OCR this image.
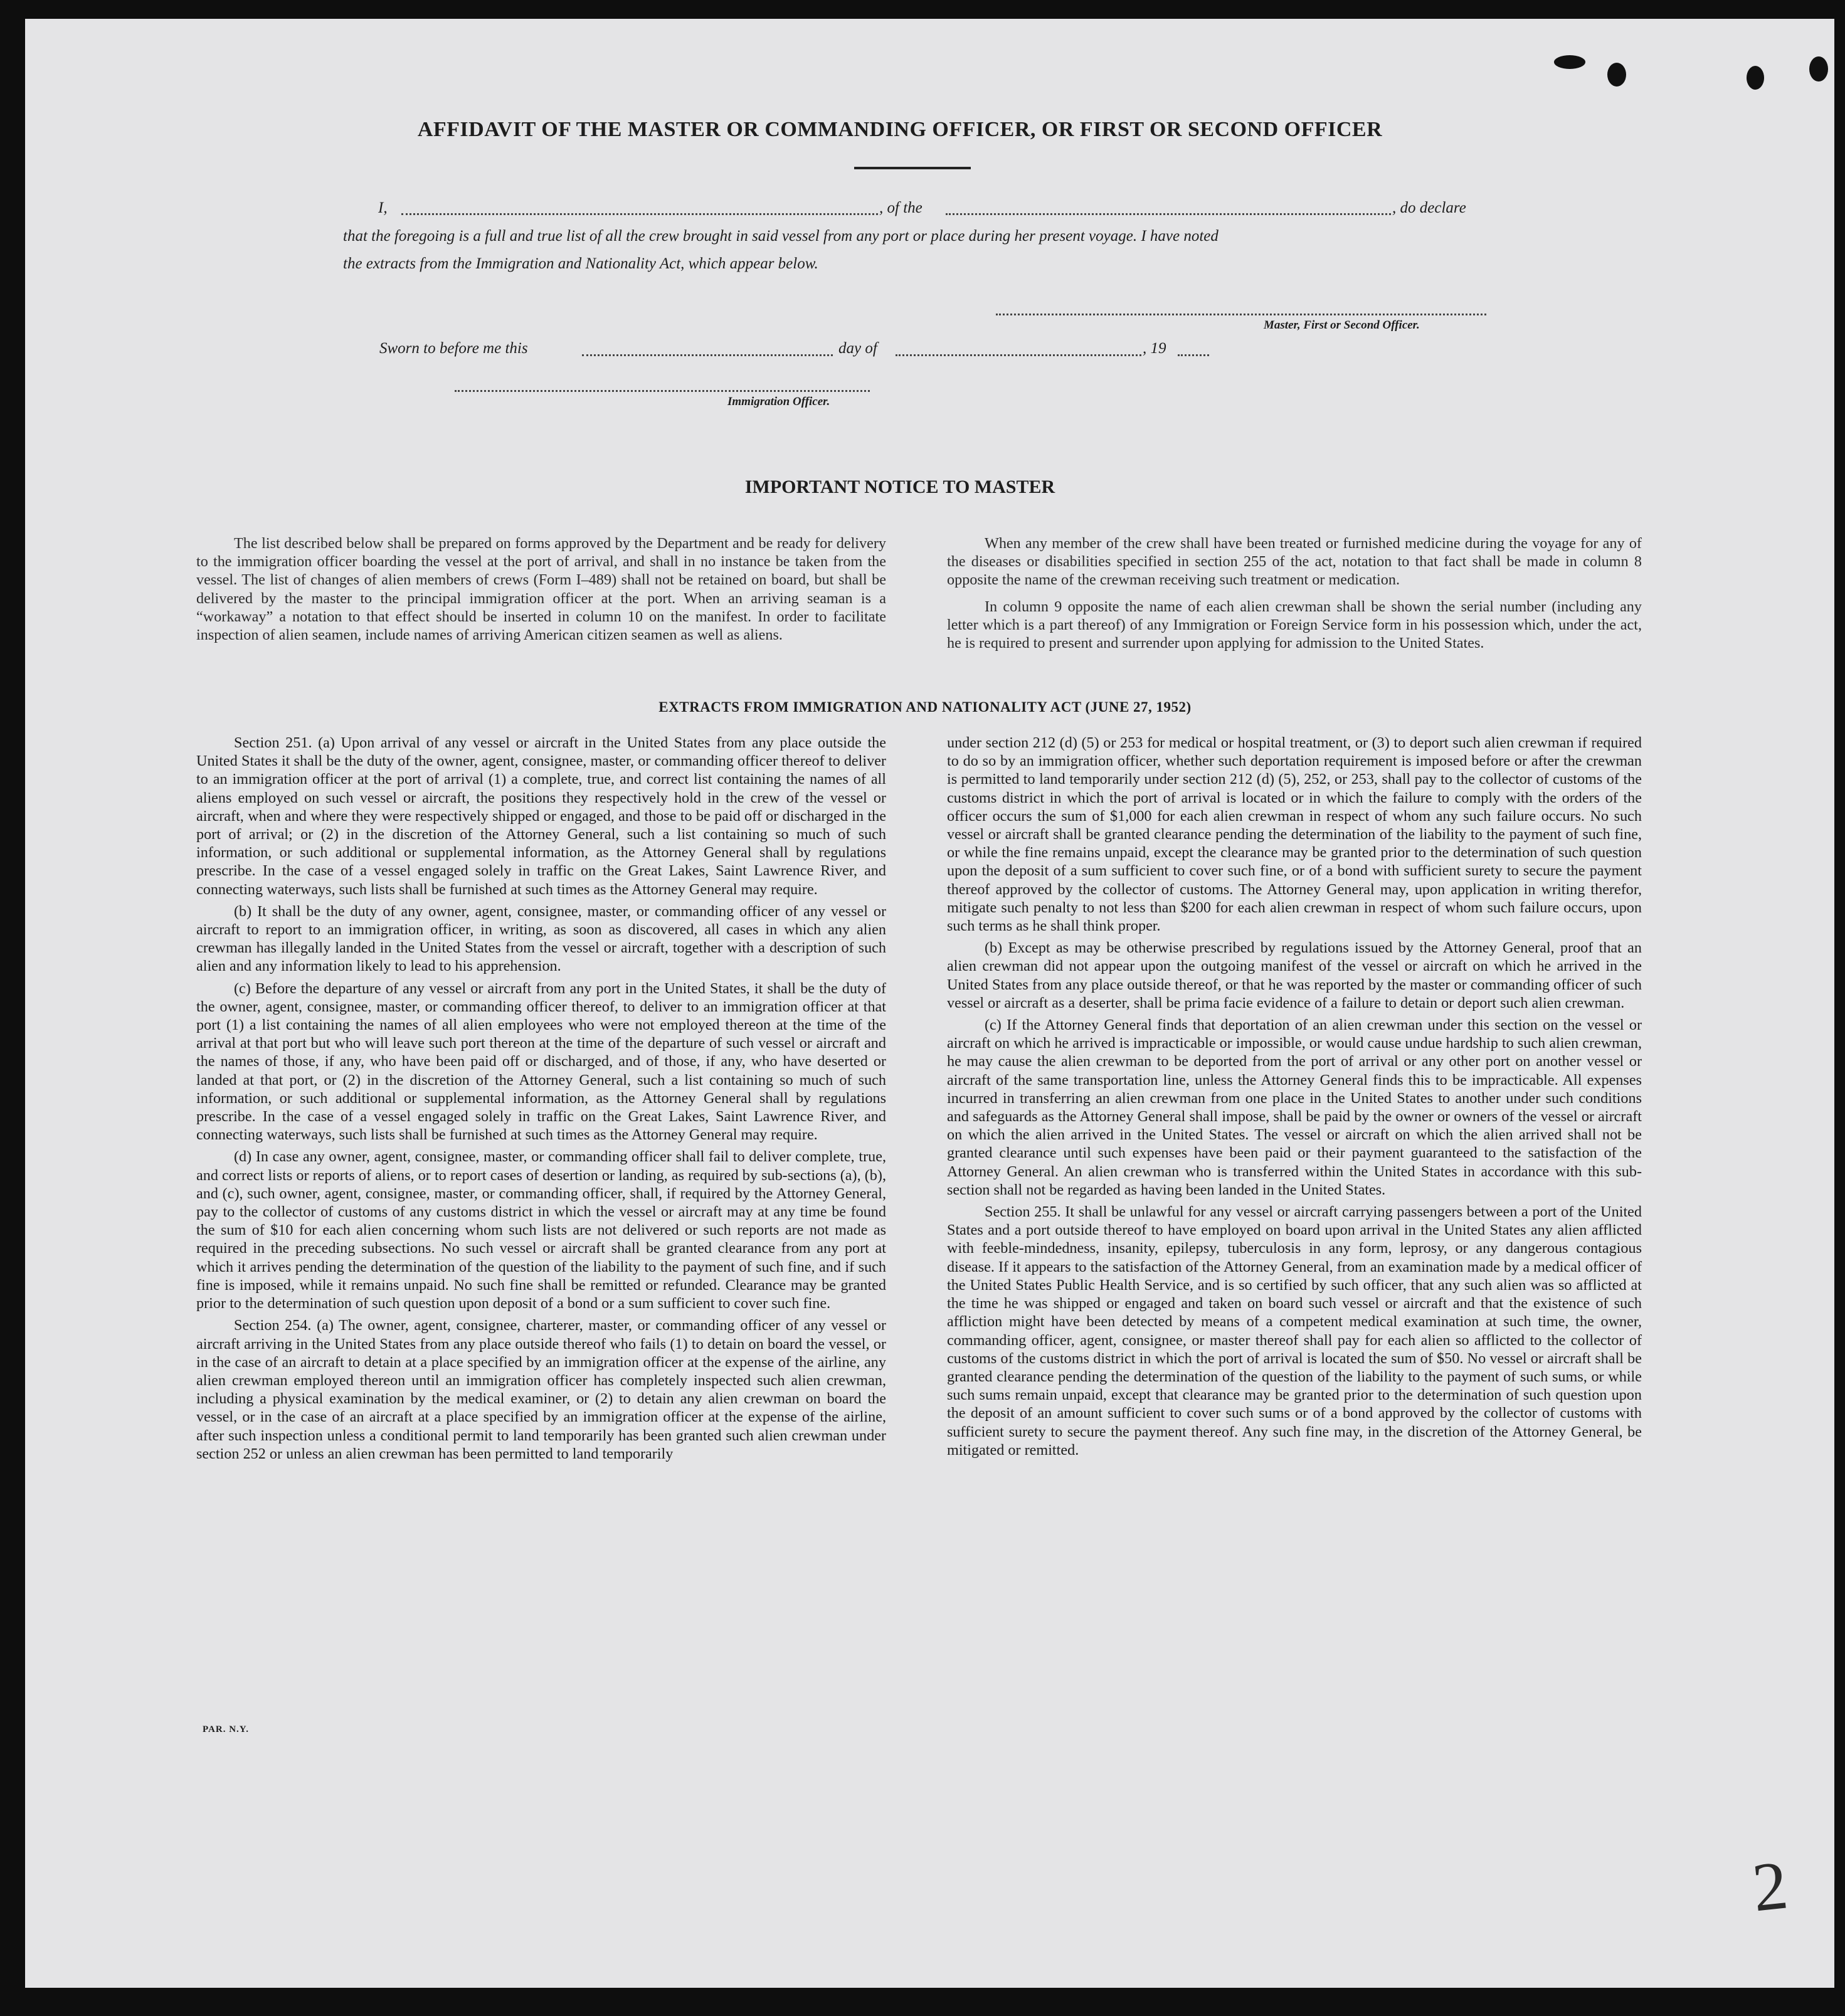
2
AFFIDAVIT OF THE MASTER OR COMMANDING OFFICER, OR FIRST OR SECOND OFFICER
I,	, of the	, do declare
that the foregoing is a full and true list of all the crew brought in said vessel from any port or place during her present voyage. I have noted
the extracts from the Immigration and Nationality Act, which appear below.
Master, First or Second Officer.
Sworn to before me this	day of	, 19
Immigration Officer.
IMPORTANT NOTICE TO MASTER

The list described below shall be prepared on forms approved by the Department and be ready for delivery to the immigration officer boarding the vessel at the port of arrival, and shall in no instance be taken from the vessel. The list of changes of alien members of crews (Form I–489) shall not be retained on board, but shall be delivered by the master to the principal immigration officer at the port. When an arriving seaman is a “workaway” a notation to that effect should be inserted in column 10 on the manifest. In order to facilitate inspection of alien seamen, include names of arriving American citizen seamen as well as aliens.

When any member of the crew shall have been treated or furnished medicine during the voyage for any of the diseases or disabilities specified in section 255 of the act, notation to that fact shall be made in column 8 opposite the name of the crewman receiving such treatment or medication.

In column 9 opposite the name of each alien crewman shall be shown the serial number (including any letter which is a part thereof) of any Immigration or Foreign Service form in his possession which, under the act, he is required to present and surrender upon applying for admission to the United States.

EXTRACTS FROM IMMIGRATION AND NATIONALITY ACT (JUNE 27, 1952)

Section 251. (a) Upon arrival of any vessel or aircraft in the United States from any place outside the United States it shall be the duty of the owner, agent, consignee, master, or commanding officer thereof to deliver to an immigration officer at the port of arrival (1) a complete, true, and correct list containing the names of all aliens employed on such vessel or aircraft, the positions they respectively hold in the crew of the vessel or aircraft, when and where they were respectively shipped or engaged, and those to be paid off or discharged in the port of arrival; or (2) in the discretion of the Attorney General, such a list containing so much of such information, or such additional or supplemental information, as the Attorney General shall by regulations prescribe. In the case of a vessel engaged solely in traffic on the Great Lakes, Saint Lawrence River, and connecting waterways, such lists shall be furnished at such times as the Attorney General may require.

(b) It shall be the duty of any owner, agent, consignee, master, or commanding officer of any vessel or aircraft to report to an immigration officer, in writing, as soon as discovered, all cases in which any alien crewman has illegally landed in the United States from the vessel or aircraft, together with a description of such alien and any information likely to lead to his apprehension.

(c) Before the departure of any vessel or aircraft from any port in the United States, it shall be the duty of the owner, agent, consignee, master, or commanding officer thereof, to deliver to an immigration officer at that port (1) a list containing the names of all alien employees who were not employed thereon at the time of the arrival at that port but who will leave such port thereon at the time of the departure of such vessel or aircraft and the names of those, if any, who have been paid off or discharged, and of those, if any, who have deserted or landed at that port, or (2) in the discretion of the Attorney General, such a list containing so much of such information, or such additional or supplemental information, as the Attorney General shall by regulations prescribe. In the case of a vessel engaged solely in traffic on the Great Lakes, Saint Lawrence River, and connecting waterways, such lists shall be furnished at such times as the Attorney General may require.

(d) In case any owner, agent, consignee, master, or commanding officer shall fail to deliver complete, true, and correct lists or reports of aliens, or to report cases of desertion or landing, as required by sub-sections (a), (b), and (c), such owner, agent, consignee, master, or commanding officer, shall, if required by the Attorney General, pay to the collector of customs of any customs district in which the vessel or aircraft may at any time be found the sum of $10 for each alien concerning whom such lists are not delivered or such reports are not made as required in the preceding subsections. No such vessel or aircraft shall be granted clearance from any port at which it arrives pending the determination of the question of the liability to the payment of such fine, and if such fine is imposed, while it remains unpaid. No such fine shall be remitted or refunded. Clearance may be granted prior to the determination of such question upon deposit of a bond or a sum sufficient to cover such fine.

Section 254. (a) The owner, agent, consignee, charterer, master, or commanding officer of any vessel or aircraft arriving in the United States from any place outside thereof who fails (1) to detain on board the vessel, or in the case of an aircraft to detain at a place specified by an immigration officer at the expense of the airline, any alien crewman employed thereon until an immigration officer has completely inspected such alien crewman, including a physical examination by the medical examiner, or (2) to detain any alien crewman on board the vessel, or in the case of an aircraft at a place specified by an immigration officer at the expense of the airline, after such inspection unless a conditional permit to land temporarily has been granted such alien crewman under section 252 or unless an alien crewman has been permitted to land temporarily

under section 212 (d) (5) or 253 for medical or hospital treatment, or (3) to deport such alien crewman if required to do so by an immigration officer, whether such deportation requirement is imposed before or after the crewman is permitted to land temporarily under section 212 (d) (5), 252, or 253, shall pay to the collector of customs of the customs district in which the port of arrival is located or in which the failure to comply with the orders of the officer occurs the sum of $1,000 for each alien crewman in respect of whom any such failure occurs. No such vessel or aircraft shall be granted clearance pending the determination of the liability to the payment of such fine, or while the fine remains unpaid, except the clearance may be granted prior to the determination of such question upon the deposit of a sum sufficient to cover such fine, or of a bond with sufficient surety to secure the payment thereof approved by the collector of customs. The Attorney General may, upon application in writing therefor, mitigate such penalty to not less than $200 for each alien crewman in respect of whom such failure occurs, upon such terms as he shall think proper.

(b) Except as may be otherwise prescribed by regulations issued by the Attorney General, proof that an alien crewman did not appear upon the outgoing manifest of the vessel or aircraft on which he arrived in the United States from any place outside thereof, or that he was reported by the master or commanding officer of such vessel or aircraft as a deserter, shall be prima facie evidence of a failure to detain or deport such alien crewman.

(c) If the Attorney General finds that deportation of an alien crewman under this section on the vessel or aircraft on which he arrived is impracticable or impossible, or would cause undue hardship to such alien crewman, he may cause the alien crewman to be deported from the port of arrival or any other port on another vessel or aircraft of the same transportation line, unless the Attorney General finds this to be impracticable. All expenses incurred in transferring an alien crewman from one place in the United States to another under such conditions and safeguards as the Attorney General shall impose, shall be paid by the owner or owners of the vessel or aircraft on which the alien arrived in the United States. The vessel or aircraft on which the alien arrived shall not be granted clearance until such expenses have been paid or their payment guaranteed to the satisfaction of the Attorney General. An alien crewman who is transferred within the United States in accordance with this sub-section shall not be regarded as having been landed in the United States.

Section 255. It shall be unlawful for any vessel or aircraft carrying passengers between a port of the United States and a port outside thereof to have employed on board upon arrival in the United States any alien afflicted with feeble-mindedness, insanity, epilepsy, tuberculosis in any form, leprosy, or any dangerous contagious disease. If it appears to the satisfaction of the Attorney General, from an examination made by a medical officer of the United States Public Health Service, and is so certified by such officer, that any such alien was so afflicted at the time he was shipped or engaged and taken on board such vessel or aircraft and that the existence of such affliction might have been detected by means of a competent medical examination at such time, the owner, commanding officer, agent, consignee, or master thereof shall pay for each alien so afflicted to the collector of customs of the customs district in which the port of arrival is located the sum of $50. No vessel or aircraft shall be granted clearance pending the determination of the question of the liability to the payment of such sums, or while such sums remain unpaid, except that clearance may be granted prior to the determination of such question upon the deposit of an amount sufficient to cover such sums or of a bond approved by the collector of customs with sufficient surety to secure the payment thereof. Any such fine may, in the discretion of the Attorney General, be mitigated or remitted.

PAR. N.Y.
